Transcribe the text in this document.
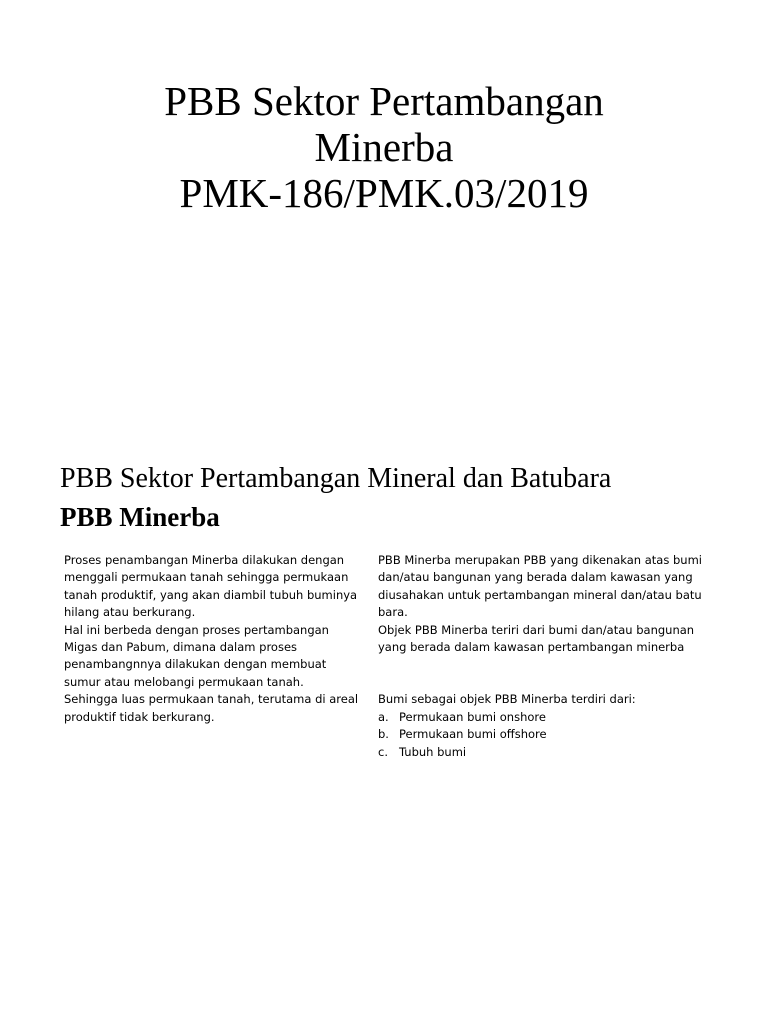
PBB Sektor Pertambangan
Minerba
PMK-186/PMK.03/2019
PBB Sektor Pertambangan Mineral dan Batubara
PBB Minerba

Proses penambangan Minerba dilakukan dengan menggali permukaan tanah sehingga permukaan tanah produktif, yang akan diambil tubuh buminya hilang atau berkurang.

Hal ini berbeda dengan proses pertambangan Migas dan Pabum, dimana dalam proses penambangnnya dilakukan dengan membuat sumur atau melobangi permukaan tanah.

Sehingga luas permukaan tanah, terutama di areal produktif tidak berkurang.

PBB Minerba merupakan PBB yang dikenakan atas bumi dan/atau bangunan yang berada dalam kawasan yang diusahakan untuk pertambangan mineral dan/atau batu bara.

Objek PBB Minerba teriri dari bumi dan/atau bangunan yang berada dalam kawasan pertambangan minerba

Bumi sebagai objek PBB Minerba terdiri dari:

a. Permukaan bumi onshore
b. Permukaan bumi offshore
c. Tubuh bumi
